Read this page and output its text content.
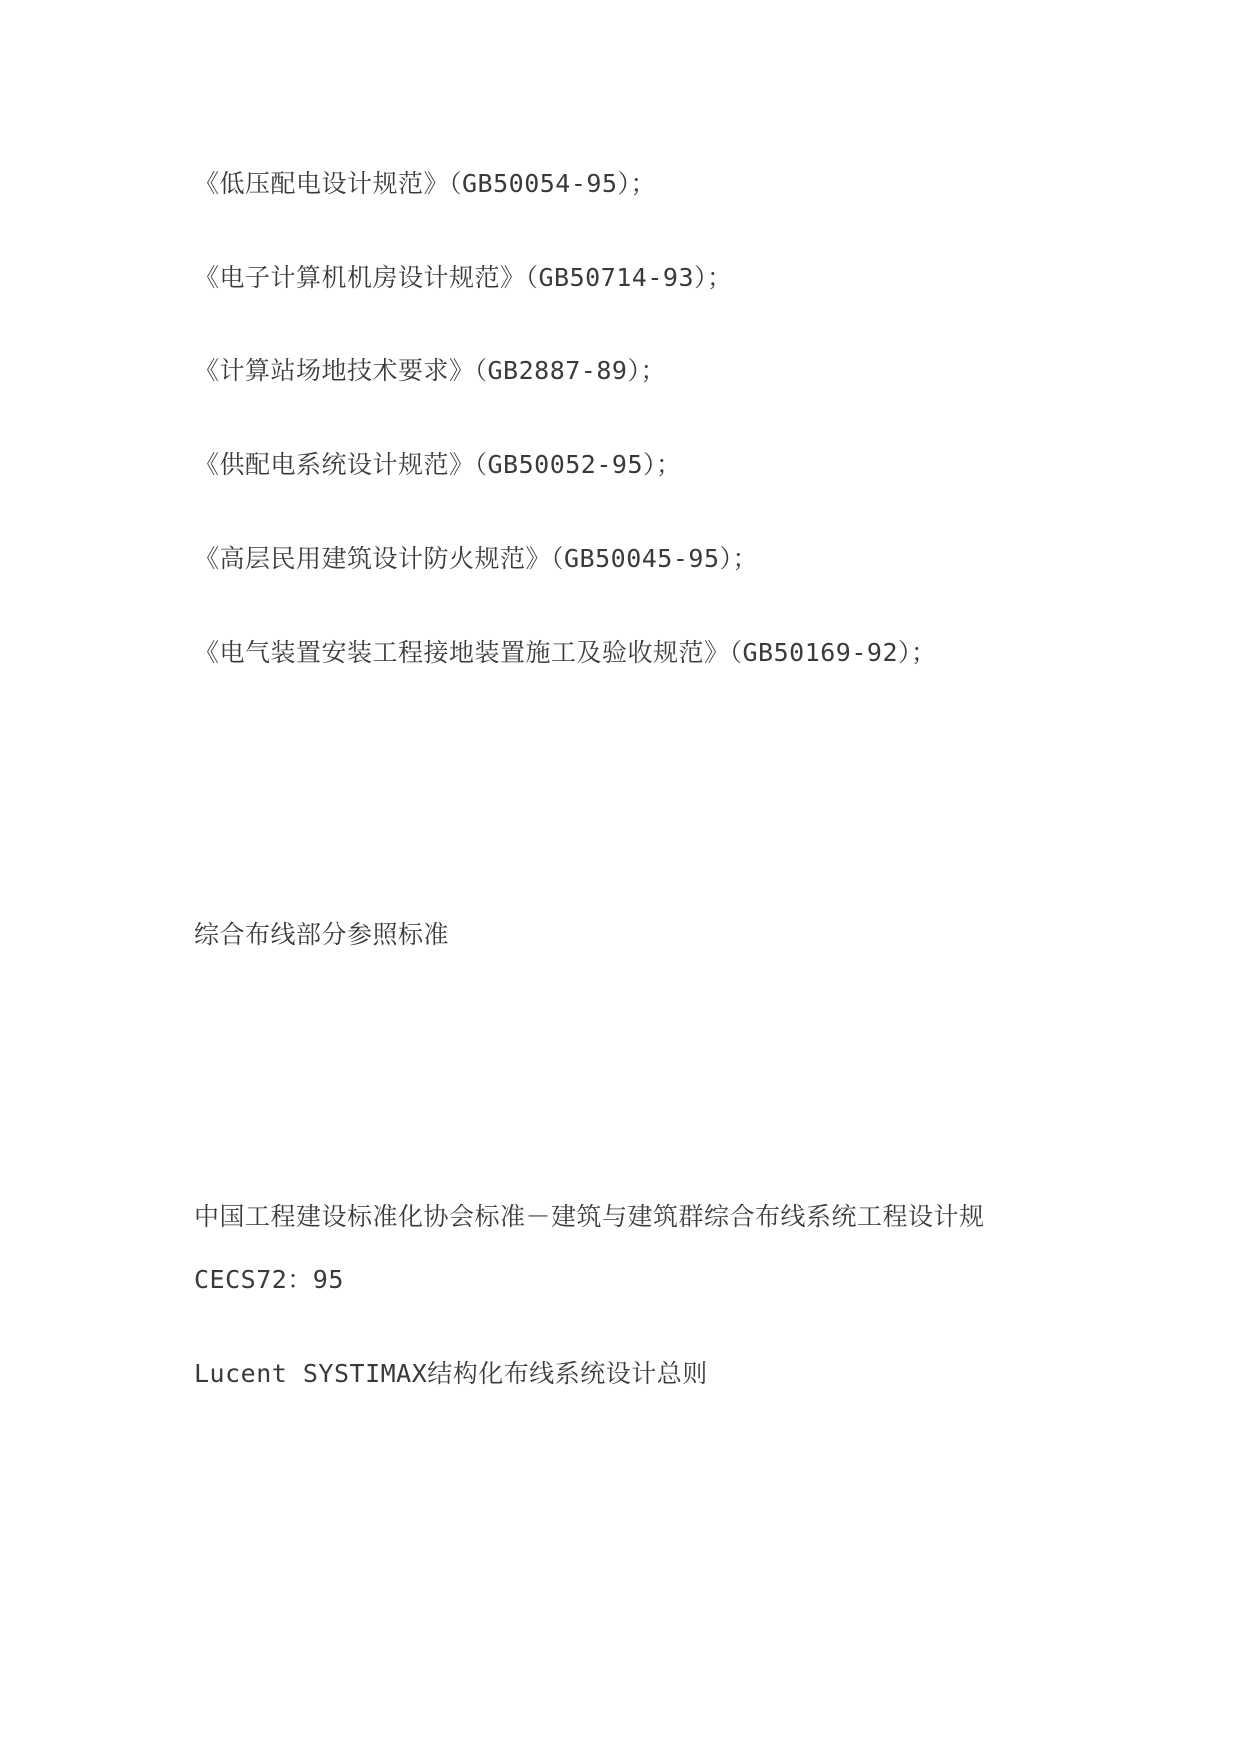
《低压配电设计规范》（GB50054-95）；
《电子计算机机房设计规范》（GB50714-93）；
《计算站场地技术要求》（GB2887-89）；
《供配电系统设计规范》（GB50052-95）；
《高层民用建筑设计防火规范》（GB50045-95）；
《电气装置安装工程接地装置施工及验收规范》（GB50169-92）；
综合布线部分参照标准
中国工程建设标准化协会标准－建筑与建筑群综合布线系统工程设计规
CECS72：95
Lucent SYSTIMAX结构化布线系统设计总则
